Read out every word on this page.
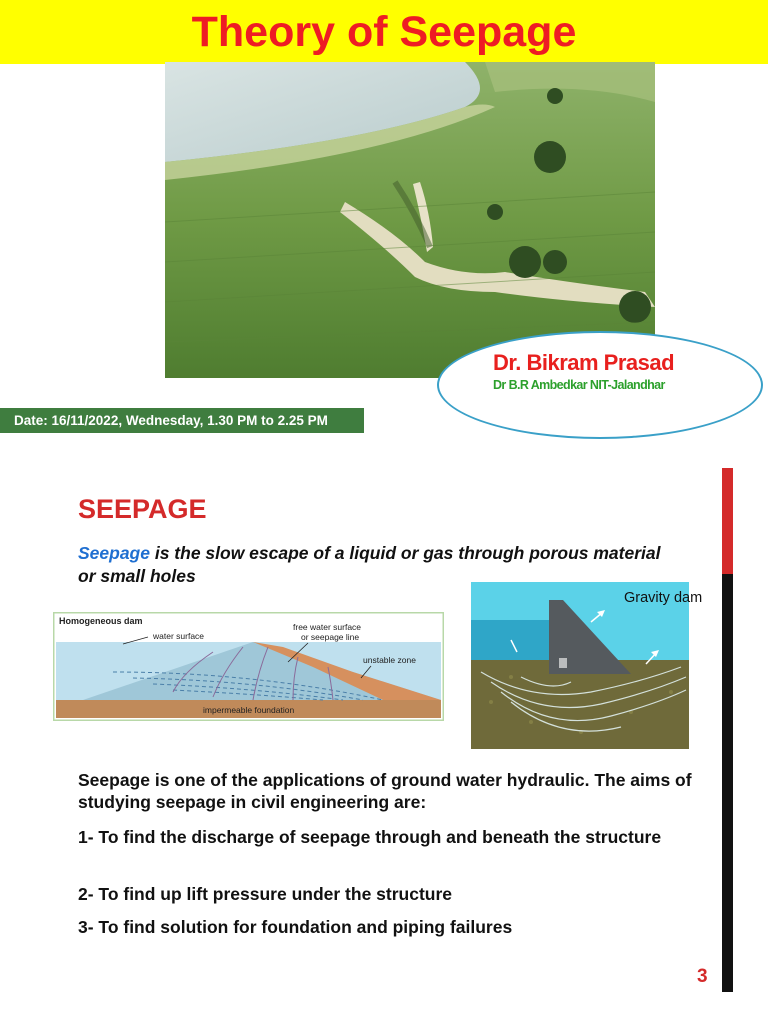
Theory of Seepage
Dr. Bikram Prasad
Dr B.R Ambedkar NIT-Jalandhar
Date: 16/11/2022, Wednesday, 1.30 PM to 2.25 PM
SEEPAGE
Seepage is the slow escape of a liquid or gas through porous material or small holes
Homogeneous dam
water surface
free water surface
or seepage line
unstable zone
impermeable foundation
Gravity dam
Seepage is one of the applications of ground water hydraulic. The aims of studying seepage in civil engineering are:
1- To find the discharge of seepage through and beneath the structure
2- To find up lift pressure under the structure
3- To find solution for foundation and piping failures
3
